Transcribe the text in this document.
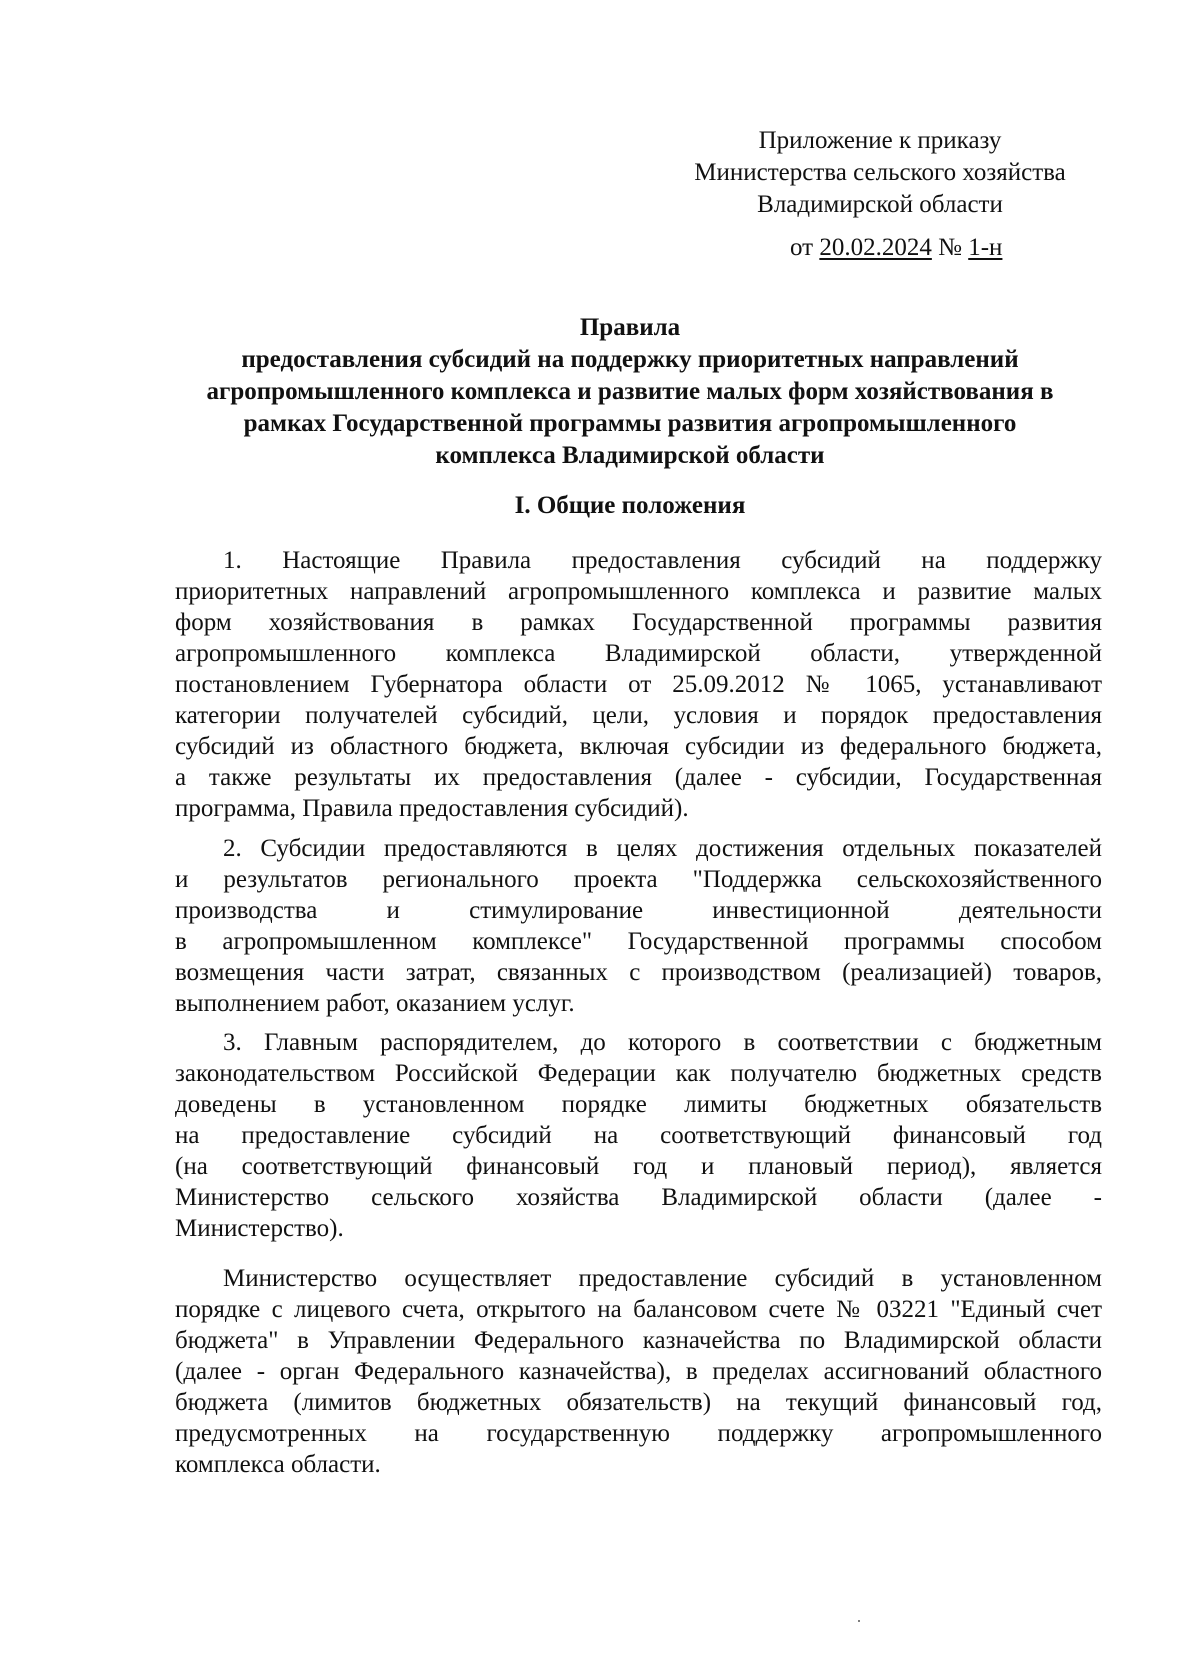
Приложение к приказу
Министерства сельского хозяйства
Владимирской области
от 20.02.2024 № 1-н
Правила
предоставления субсидий на поддержку приоритетных направлений
агропромышленного комплекса и развитие малых форм хозяйствования в
рамках Государственной программы развития агропромышленного
комплекса Владимирской области
I. Общие положения
1. Настоящие Правила предоставления субсидий на поддержку
приоритетных направлений агропромышленного комплекса и развитие малых
форм хозяйствования в рамках Государственной программы развития
агропромышленного комплекса Владимирской области, утвержденной
постановлением Губернатора области от 25.09.2012 № 1065, устанавливают
категории получателей субсидий, цели, условия и порядок предоставления
субсидий из областного бюджета, включая субсидии из федерального бюджета,
а также результаты их предоставления (далее - субсидии, Государственная
программа, Правила предоставления субсидий).
2. Субсидии предоставляются в целях достижения отдельных показателей
и результатов регионального проекта "Поддержка сельскохозяйственного
производства и стимулирование инвестиционной деятельности
в агропромышленном комплексе" Государственной программы способом
возмещения части затрат, связанных с производством (реализацией) товаров,
выполнением работ, оказанием услуг.
3. Главным распорядителем, до которого в соответствии с бюджетным
законодательством Российской Федерации как получателю бюджетных средств
доведены в установленном порядке лимиты бюджетных обязательств
на предоставление субсидий на соответствующий финансовый год
(на соответствующий финансовый год и плановый период), является
Министерство сельского хозяйства Владимирской области (далее -
Министерство).
Министерство осуществляет предоставление субсидий в установленном
порядке с лицевого счета, открытого на балансовом счете № 03221 "Единый счет
бюджета" в Управлении Федерального казначейства по Владимирской области
(далее - орган Федерального казначейства), в пределах ассигнований областного
бюджета (лимитов бюджетных обязательств) на текущий финансовый год,
предусмотренных на государственную поддержку агропромышленного
комплекса области.
